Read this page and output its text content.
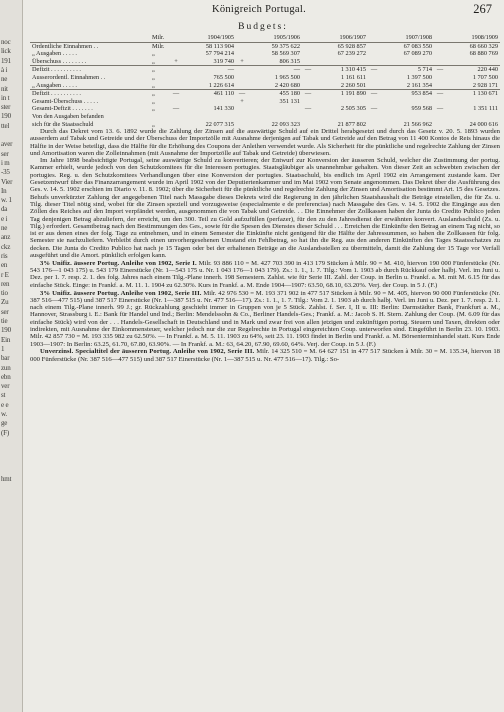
noc
lick
191
à i
ne
nit
in t
ster
190
ttel
aver
ser
i m
-35
Vier
In
w. 1
da
e i
ne
anz
ckz
ris
en
r E
ren
tio
Zu
ser
tie
190
Ein
1
bar
zun
ebn
ver
st
e e
w.
ge
(F)
hmt
Königreich Portugal.	267
Budgets:
	Milr.	1904/1905		1905/1906		1906/1907		1907/1908		1908/1909	
Ordentliche Einnahmen . .	Milr.		58 113 904		59 375 622		65 928 857		67 083 550		68 660 329
„ Ausgaben . . . . .	„		57 794 214		58 569 307		67 239 272		67 089 270		68 880 769
Überschuss . . . . . . . .	„	+	319 740	+	806 315						
Defizit . . . . . . . . . .	„		—		—	—	1 310 415	—	5 714	—	220 440
Ausserordentl. Einnahmen . .	„		765 500		1 965 500		1 161 611		1 397 500		1 707 500
„ Ausgaben . . . . .	„		1 226 614		2 420 680		2 260 501		2 161 354		2 928 171
Defizit . . . . . . . . . .	„	—	461 110	—	455 180	—	1 191 890	—	953 854	—	1 130 671
Gesamt-Überschuss . . . . .	„			+	351 131						
Gesamt-Defizit . . . . . . .	„	—	141 330			—	2 505 305	—	959 568	—	1 351 111
Von den Ausgaben befanden											
sich für die Staatsschuld	„		22 077 315		22 093 323		21 877 802		21 566 962		24 000 616

Durch das Dekret vom 13. 6. 1892 wurde die Zahlung der Zinsen auf die auswärtige Schuld auf ein Drittel herabgesetzt und durch das Gesetz v. 20. 5. 1893 wurden ausserdem auf Tabak und Getreide und der Überschuss der Importzölle mit Ausnahme derjenigen auf Tabak und Getreide auf den Betrag von 11 400 Kontos de Reis hinaus die Hälfte in der Weise beteiligt, dass die Hälfte für die Erhöhung des Coupons der Anleihen verwendet wurde. Als Sicherheit für die pünktliche und regelrechte Zahlung der Zinsen und Amortisation waren die Zolleinnahmen (mit Ausnahme der Importzölle auf Tabak und Getreide) überwiesen.

Im Jahre 1898 beabsichtigte Portugal, seine auswärtige Schuld zu konvertieren; der Entwurf zur Konversion der äusseren Schuld, welcher die Zustimmung der portug. Kammer erhielt, wurde jedoch von den Schutzkomitees für die Interessen portugies. Staatsgläubiger als unannehmbar gehalten. Von dieser Zeit an schwebten zwischen der portugies. Reg. u. den Schutzkomitees Verhandlungen über eine Konversion der portugies. Staatsschuld, bis endlich im April 1902 ein Arrangement zustande kam. Der Gesetzentwurf über das Finanzarrangement wurde im April 1902 von der Deputiertenkammer und im Mai 1902 vom Senate angenommen. Das Dekret über die Ausführung des Ges. v. 14. 5. 1902 erschien im Diario v. 11. 8. 1902; über die Sicherheit für die pünktliche und regelrechte Zahlung der Zinsen und Amortisation bestimmt Art. 15 des Gesetzes. Behufs unverkürzter Zahlung der angegebenen Titel nach Massgabe dieses Dekrets wird die Regierung in den jährlichen Staatshaushalt die Beträge einstellen, die für Zs. u. Tilg. dieser Titel nötig sind, wobei für die Zinsen speziell und vorzugsweise (especialmente e de preferencias) nach Massgabe des Ges. v. 14. 5. 1902 die Eingänge aus den Zöllen des Reiches auf den Import verpfändet werden, ausgenommen die von Tabak und Getreide. . . Die Einnehmer der Zollkassen haben der Junta do Credito Publico jeden Tag denjenigen Betrag abzuliefern, der erreicht, um den 300. Teil zu Gold aufzufüllen (perfazer), für den zu den Jahresdienst der erwähnten konvert. Auslandsschuld (Zs. u. Tilg.) erfordert. Gesamtbetrag nach den Bestimmungen des Ges., sowie für die Spesen des Dienstes dieser Schuld . . . Erreichen die Einkünfte den Betrag an einem Tag nicht, so ist er aus denen eines der folg. Tage zu entnehmen, und in einem Semester die Einkünfte nicht genügend für die Hälfte der Jahressummen, so haben die Zollkassen für folg. Semester sie nachzuliefern. Verbleibt durch einen unvorhergesehenen Umstand ein Fehlbetrag, so hat ihn die Reg. aus den anderen Einkünften des Tages Staatsschatzes zu decken. Die Junta do Credito Publico hat nach je 15 Tagen oder bei der erhaltenen Beträge an die Auslandsstellen zu übermitteln, damit die Zahlung der 15 Tage vor Verfall ausgeführt und die Amort. pünktlich erfolgen kann.

3% Unifiz. äussere Portug. Anleihe von 1902, Serie I. Milr. 93 886 110 = M. 427 703 390 in 413 179 Stücken à Milr. 90 = M. 410, hiervon 190 000 Fünferstücke (Nr. 543 176—1 043 175) u. 543 179 Einerstücke (Nr. 1—543 175 u. Nr. 1 043 176—1 043 179). Zs.: 1. 1., 1. 7. Tilg.: Vom 1. 1903 ab durch Rückkauf oder halbj. Verl. im Juni u. Dez. per 1. 7. resp. 2. 1. des folg. Jahres nach einem Tilg.-Plane innerh. 198 Semestern. Zahlst. wie für Serie III. Zahl. der Coup. in Berlin u. Frankf. a. M. mit M. 6.15 für das einfache Stück. Einge: in Frankf. a. M. 11. 1. 1904 zu 62.30%. Kurs in Frankf. a. M. Ende 1904—1907: 63.50, 68.10, 63.20%. Verj. der Coup. in 5 J. (F.)

3% Unifiz. äussere Portug. Anleihe von 1902, Serie III. Milr. 42 976 530 = M. 193 371 902 in 477 517 Stücken à Milr. 90 = M. 405, hiervon 90 000 Fünferstücke (Nr. 387 516—477 515) und 387 517 Einerstücke (Nr. 1—387 515 u. Nr. 477 516—17). Zs.: 1. 1., 1. 7. Tilg.: Vom 2. 1. 1903 ab durch halbj. Verl. im Juni u. Dez. per 1. 7. resp. 2. 1. nach einem Tilg.-Plane innerh. 99 J.; gr. Rückzahlung geschieht immer in Gruppen von je 5 Stück. Zahlst. f. Ser. I, II u. III: Berlin: Darmstädter Bank, Frankfurt a. M., Hannover, Strassburg i. E.: Bank für Handel und Ind.; Berlin: Mendelssohn & Co., Berliner Handels-Ges.; Frankf. a. M.: Jacob S. H. Stern. Zahlung der Coup. (M. 6.09 für das einfache Stück) wird von der . . . Handels-Gesellschaft in Deutschland und in Mark und zwar frei von allen jetzigen und zukünftigen portug. Steuern und Taxen, direkten oder indirekten, mit Ausnahme der Einkommensteuer, welcher jedoch nur die zur Regelrechte in Portugal eingereichten Coup. unterworfen sind. Eingeführt in Berlin 23. 10. 1903. Milr. 42 857 730 = M. 193 335 982 zu 62.50%. — In Frankf. a. M. 5. 11. 1903 zu 64%, seit 23. 11. 1903 findet in Berlin und Frankf. a. M. Börsenterminhandel statt. Kurs Ende 1903—1907: In Berlin: 63.25, 61.70, 67.80, 63.90%. — In Frankf. a. M.: 63, 64.20, 67.90, 69.60, 64%. Verj. der Coup. in 5 J. (F.)

Unverzinsl. Specialtitel der äusseren Portug. Anleihe von 1902, Serie III. Milr. 14 325 510 = M. 64 627 151 in 477 517 Stücken à Milr. 30 = M. 135.34, hiervon 18 000 Fünferstücke (Nr. 387 516—477 515) und 387 517 Einerstücke (Nr. 1—387 515 u. Nr. 477 516—17). Tilg.: So-
